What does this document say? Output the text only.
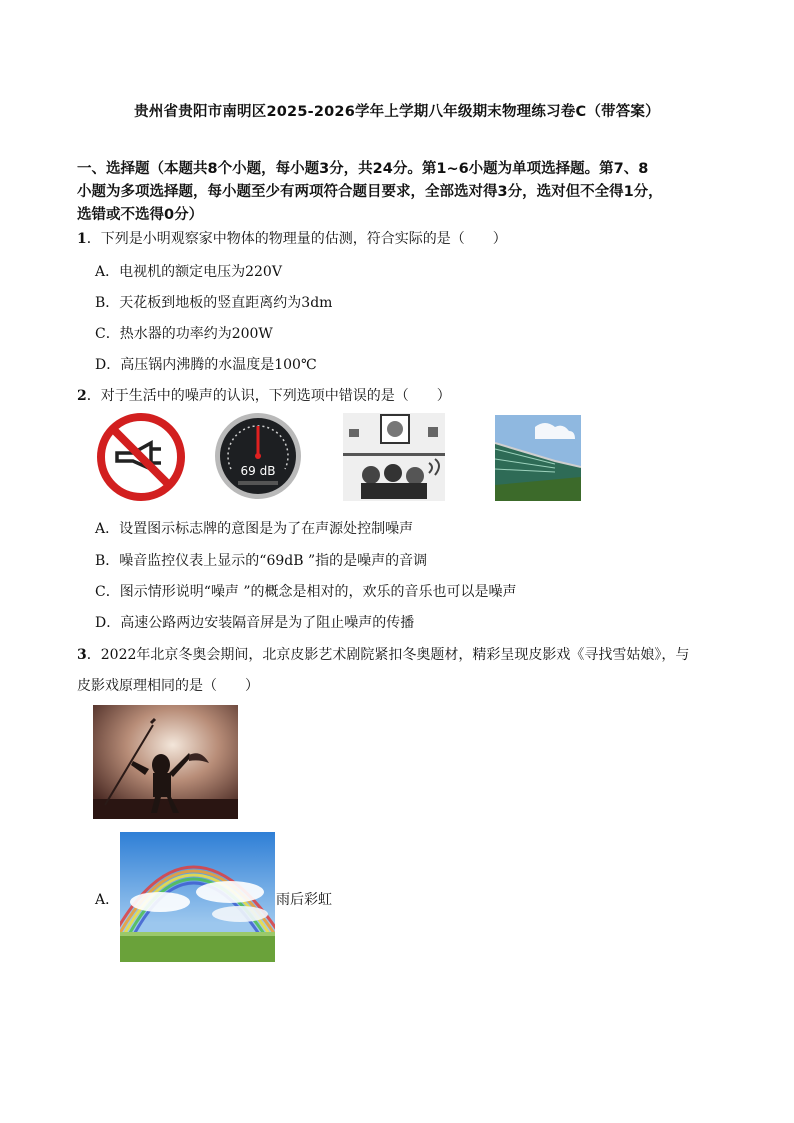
贵州省贵阳市南明区2025-2026学年上学期八年级期末物理练习卷C（带答案）
一、选择题（本题共8个小题，每小题3分，共24分。第1~6小题为单项选择题。第7、8
小题为多项选择题，每小题至少有两项符合题目要求，全部选对得3分，选对但不全得1分，
选错或不选得0分）
1．下列是小明观察家中物体的物理量的估测，符合实际的是（　　）
A．电视机的额定电压为220V
B．天花板到地板的竖直距离约为3dm
C．热水器的功率约为200W
D．高压锅内沸腾的水温度是100℃
2．对于生活中的噪声的认识，下列选项中错误的是（　　）
69 dB
A．设置图示标志牌的意图是为了在声源处控制噪声
B．噪音监控仪表上显示的“69dB ”指的是噪声的音调
C．图示情形说明“噪声 ”的概念是相对的，欢乐的音乐也可以是噪声
D．高速公路两边安装隔音屏是为了阻止噪声的传播
3．2022年北京冬奥会期间，北京皮影艺术剧院紧扣冬奥题材，精彩呈现皮影戏《寻找雪姑娘》，与
皮影戏原理相同的是（　　）
A．	雨后彩虹
